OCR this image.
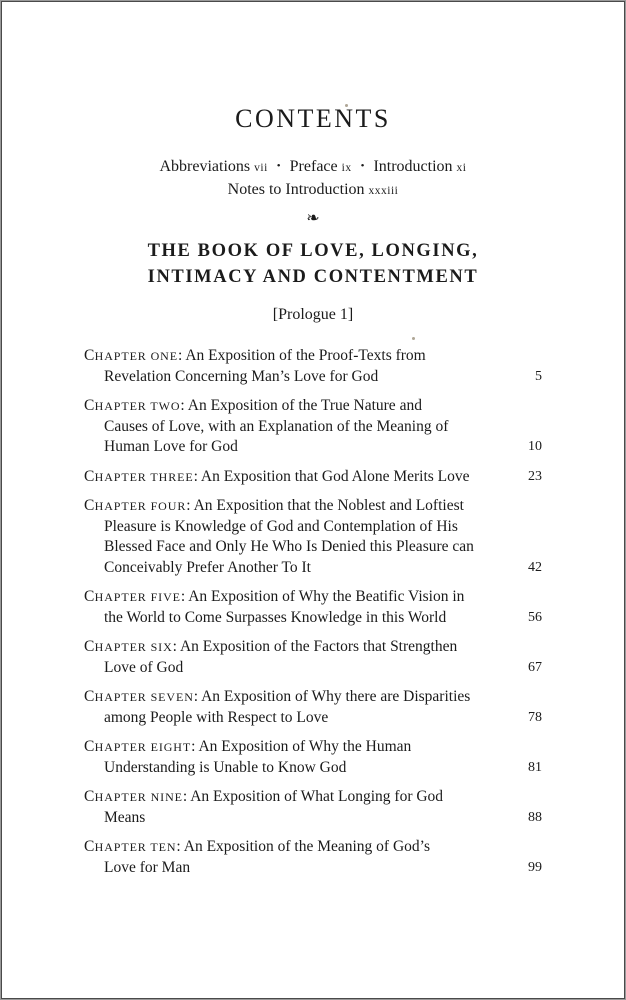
CONTENTS
Abbreviations vii • Preface ix • Introduction xi
Notes to Introduction xxxiii
❧
THE BOOK OF LOVE, LONGING,
INTIMACY AND CONTENTMENT
[Prologue 1]
CHAPTER ONE: An Exposition of the Proof-Texts from
Revelation Concerning Man’s Love for God	5
CHAPTER TWO: An Exposition of the True Nature and
Causes of Love, with an Explanation of the Meaning of
Human Love for God	10
CHAPTER THREE: An Exposition that God Alone Merits Love	23
CHAPTER FOUR: An Exposition that the Noblest and Loftiest
Pleasure is Knowledge of God and Contemplation of His
Blessed Face and Only He Who Is Denied this Pleasure can
Conceivably Prefer Another To It	42
CHAPTER FIVE: An Exposition of Why the Beatific Vision in
the World to Come Surpasses Knowledge in this World	56
CHAPTER SIX: An Exposition of the Factors that Strengthen
Love of God	67
CHAPTER SEVEN: An Exposition of Why there are Disparities
among People with Respect to Love	78
CHAPTER EIGHT: An Exposition of Why the Human
Understanding is Unable to Know God	81
CHAPTER NINE: An Exposition of What Longing for God
Means	88
CHAPTER TEN: An Exposition of the Meaning of God’s
Love for Man	99
